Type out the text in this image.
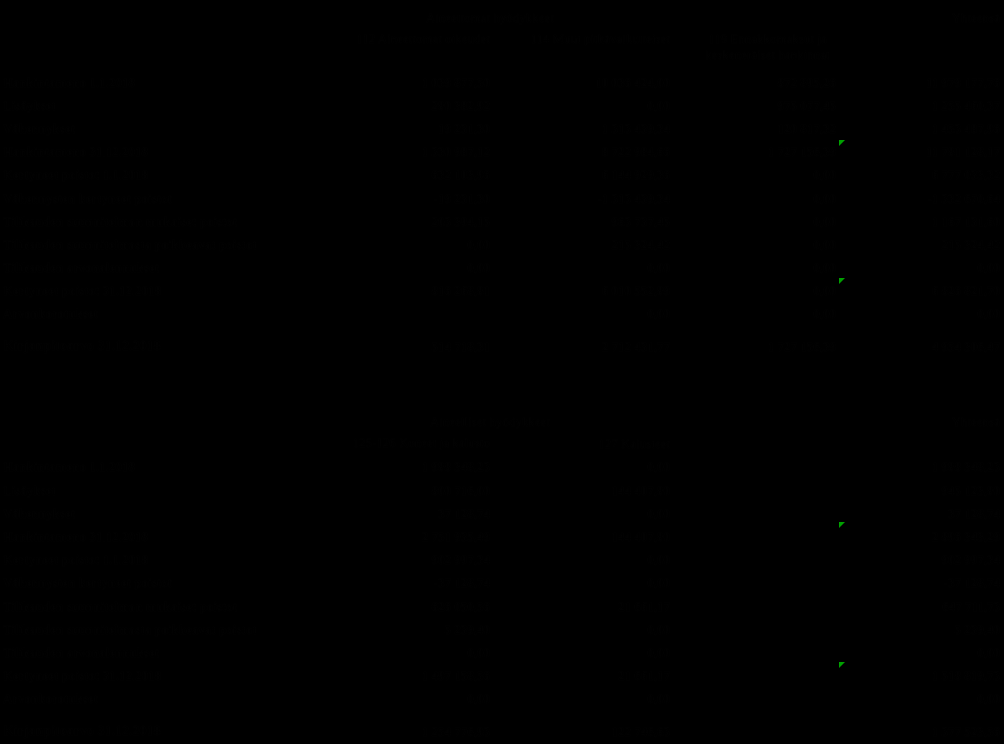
Aineettomat hyödykkeet	Yhteensä
112 Aineettomat oikeudet	114 Muut pitkävaikutteiset	119 Ennakkomaksut ja
keskeneräiset hankinnat
Hankintameno 1.1.2018	1 039 877,50	10 036 424,00	872 895,26	11 979 177,76
Lisäykset	280 382,92	0,00	975 077,45	1 255 460,37
Vähennykset	19 231,30	1 313 439,34	120 817,32	1 453 487,96
Hankintameno 31.12.2018	1 330 987,12	8 722 984,66	1 727 156,39	11 781 128,17
Kertyneet poistot 1.1.2018	632 103,96	6 144 929,36	0,00	6 777 033,32
Vähennysten kertyneet poistot	-19 231,30	-1 313 439,34	0,00	-1 332 670,64
Tilikauden suunnitelman mukaiset poistot	203 394,15	963 737,45	0,00	1 167 131,60
Tilikauden suunnitelmasta poikkeavat poistot	0,00	215 324,42	0,00	215 324,42
Tilikauden arvonalennukset	0,00	0,00	0,00	0,00
Kertyneet poistot 31.12.2018	816 268,81	6 010 552,89	0,00	6 826 821,70
Arvonkorotukset	0,00	0,00	0,00
Kirjanpitoarvo 31.12.2018	514 718,31	2 712 431,77	1 727 156,39	4 954 306,47
Aineelliset hyödykkeet	Yhteensä
125-126 Koneet ja kalusto	127 Kalusteet
Hankintameno 1.1.2018	1 988 348,23	0,00	1 988 348,23
Lisäykset	800 716,00	144 407,80	945 123,80
Vähennykset	37 128,74	0,00	37 128,74
Hankintameno 31.12.2018	2 751 935,49	144 407,80	2 896 343,29
Kertyneet poistot 1.1.2018	902 997,34	0,00	902 997,34
Vähennysten kertyneet poistot	-37 128,74	0,00	-37 128,74
Tilikauden suunnitelman mukaiset poistot	626 050,56	21 661,17	647 711,73
Tilikauden suunnitelmasta poikkeavat poistot	5 239,40	0,00	5 239,40
Tilikauden arvonalennukset	0,00	0,00	0,00
Kertyneet poistot 31.12.2018	1 497 158,56	21 661,17	1 518 819,73
Arvonkorotukset	0,00	0,00	0,00
Kirjanpitoarvo 31.12.2018	1 254 776,93	122 746,63	1 377 523,56
